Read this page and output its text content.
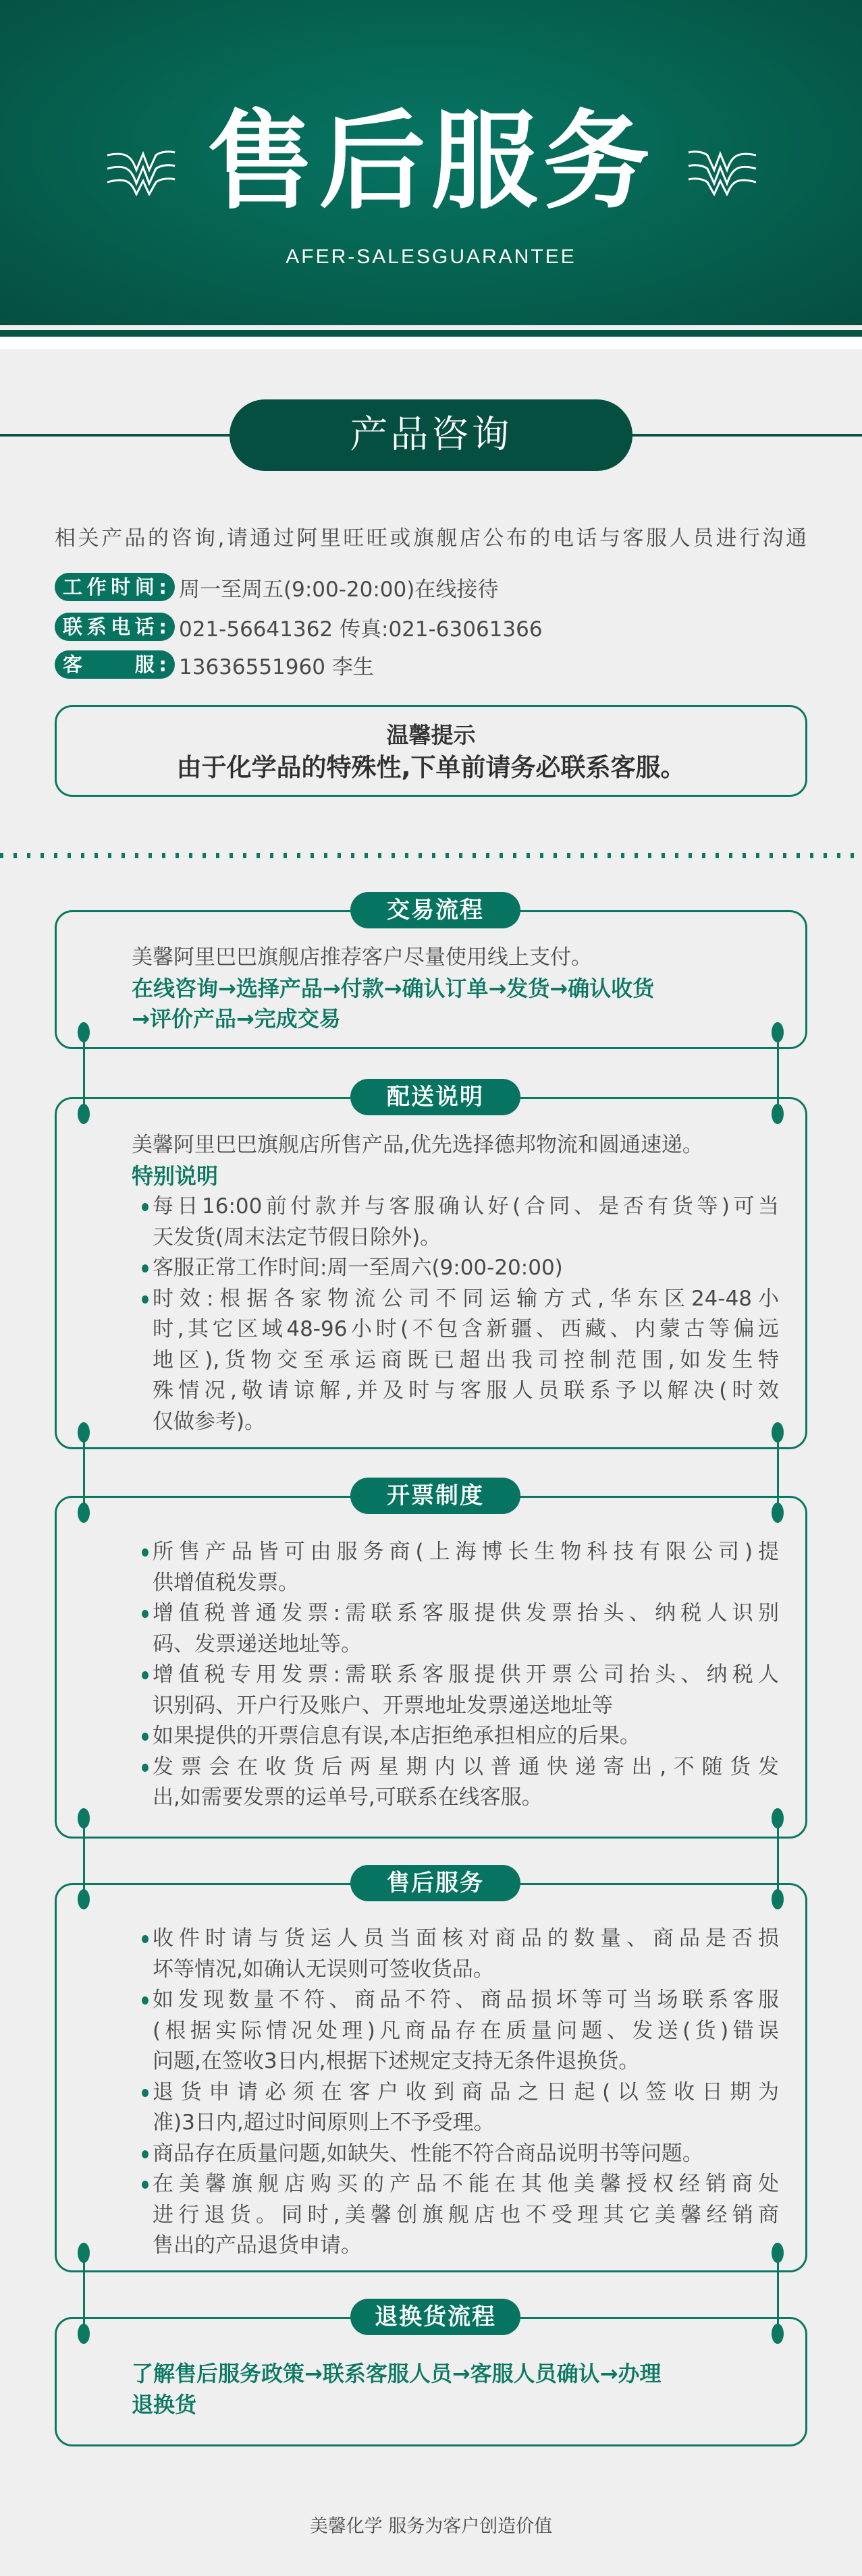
售后服务
AFER-SALESGUARANTEE
产品咨询
相关产品的咨询,请通过阿里旺旺或旗舰店公布的电话与客服人员进行沟通
工作时间: 周一至周五(9:00-20:00)在线接待
联系电话: 021-56641362 传真:021-63061366
客　　服: 13636551960 李生
温馨提示
由于化学品的特殊性,下单前请务必联系客服。
美馨阿里巴巴旗舰店推荐客户尽量使用线上支付。
在线咨询→选择产品→付款→确认订单→发货→确认收货
→评价产品→完成交易
交易流程
美馨阿里巴巴旗舰店所售产品,优先选择德邦物流和圆通速递。
特别说明
每日16:00前付款并与客服确认好(合同、是否有货等)可当
天发货(周末法定节假日除外)。
客服正常工作时间:周一至周六(9:00-20:00)
时效:根据各家物流公司不同运输方式,华东区24-48小
时,其它区域48-96小时(不包含新疆、西藏、内蒙古等偏远
地区),货物交至承运商既已超出我司控制范围,如发生特
殊情况,敬请谅解,并及时与客服人员联系予以解决(时效
仅做参考)。
配送说明
所售产品皆可由服务商(上海博长生物科技有限公司)提
供增值税发票。
增值税普通发票:需联系客服提供发票抬头、纳税人识别
码、发票递送地址等。
增值税专用发票:需联系客服提供开票公司抬头、纳税人
识别码、开户行及账户、开票地址发票递送地址等
如果提供的开票信息有误,本店拒绝承担相应的后果。
发票会在收货后两星期内以普通快递寄出,不随货发
出,如需要发票的运单号,可联系在线客服。
开票制度
收件时请与货运人员当面核对商品的数量、商品是否损
坏等情况,如确认无误则可签收货品。
如发现数量不符、商品不符、商品损坏等可当场联系客服
(根据实际情况处理)凡商品存在质量问题、发送(货)错误
问题,在签收3日内,根据下述规定支持无条件退换货。
退货申请必须在客户收到商品之日起(以签收日期为
准)3日内,超过时间原则上不予受理。
商品存在质量问题,如缺失、性能不符合商品说明书等问题。
在美馨旗舰店购买的产品不能在其他美馨授权经销商处
进行退货。同时,美馨创旗舰店也不受理其它美馨经销商
售出的产品退货申请。
售后服务
了解售后服务政策→联系客服人员→客服人员确认→办理
退换货
退换货流程
美馨化学 服务为客户创造价值
